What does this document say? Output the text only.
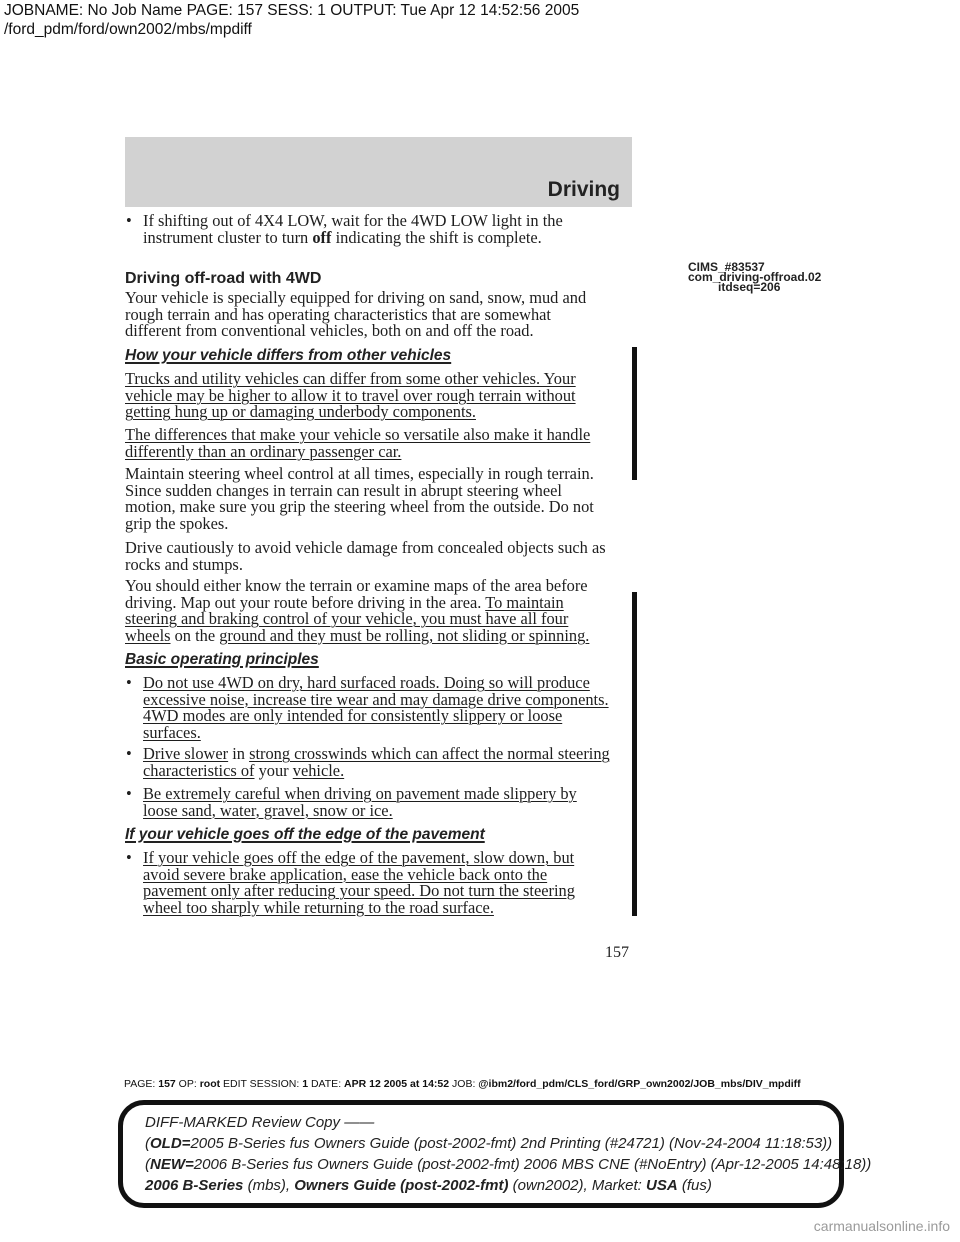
JOBNAME: No Job Name PAGE: 157 SESS: 1 OUTPUT: Tue Apr 12 14:52:56 2005
/ford_pdm/ford/own2002/mbs/mpdiff
Driving
• If shifting out of 4X4 LOW, wait for the 4WD LOW light in the
instrument cluster to turn off indicating the shift is complete.
Driving off-road with 4WD
Your vehicle is specially equipped for driving on sand, snow, mud and
rough terrain and has operating characteristics that are somewhat
different from conventional vehicles, both on and off the road.
CIMS_#83537
com_driving-offroad.02
itdseq=206
How your vehicle differs from other vehicles
Trucks and utility vehicles can differ from some other vehicles. Your
vehicle may be higher to allow it to travel over rough terrain without
getting hung up or damaging underbody components.
The differences that make your vehicle so versatile also make it handle
differently than an ordinary passenger car.
Maintain steering wheel control at all times, especially in rough terrain.
Since sudden changes in terrain can result in abrupt steering wheel
motion, make sure you grip the steering wheel from the outside. Do not
grip the spokes.
Drive cautiously to avoid vehicle damage from concealed objects such as
rocks and stumps.
You should either know the terrain or examine maps of the area before
driving. Map out your route before driving in the area. To maintain
steering and braking control of your vehicle, you must have all four
wheels on the ground and they must be rolling, not sliding or spinning.
Basic operating principles
• Do not use 4WD on dry, hard surfaced roads. Doing so will produce
excessive noise, increase tire wear and may damage drive components.
4WD modes are only intended for consistently slippery or loose
surfaces.
• Drive slower in strong crosswinds which can affect the normal steering
characteristics of your vehicle.
• Be extremely careful when driving on pavement made slippery by
loose sand, water, gravel, snow or ice.
If your vehicle goes off the edge of the pavement
• If your vehicle goes off the edge of the pavement, slow down, but
avoid severe brake application, ease the vehicle back onto the
pavement only after reducing your speed. Do not turn the steering
wheel too sharply while returning to the road surface.
157
PAGE: 157 OP: root EDIT SESSION: 1 DATE: APR 12 2005 at 14:52 JOB: @ibm2/ford_pdm/CLS_ford/GRP_own2002/JOB_mbs/DIV_mpdiff
DIFF-MARKED Review Copy ——
(OLD=2005 B-Series fus Owners Guide (post-2002-fmt) 2nd Printing (#24721) (Nov-24-2004 11:18:53))
(NEW=2006 B-Series fus Owners Guide (post-2002-fmt) 2006 MBS CNE (#NoEntry) (Apr-12-2005 14:48:18))
2006 B-Series (mbs), Owners Guide (post-2002-fmt) (own2002), Market: USA (fus)
carmanualsonline.info
